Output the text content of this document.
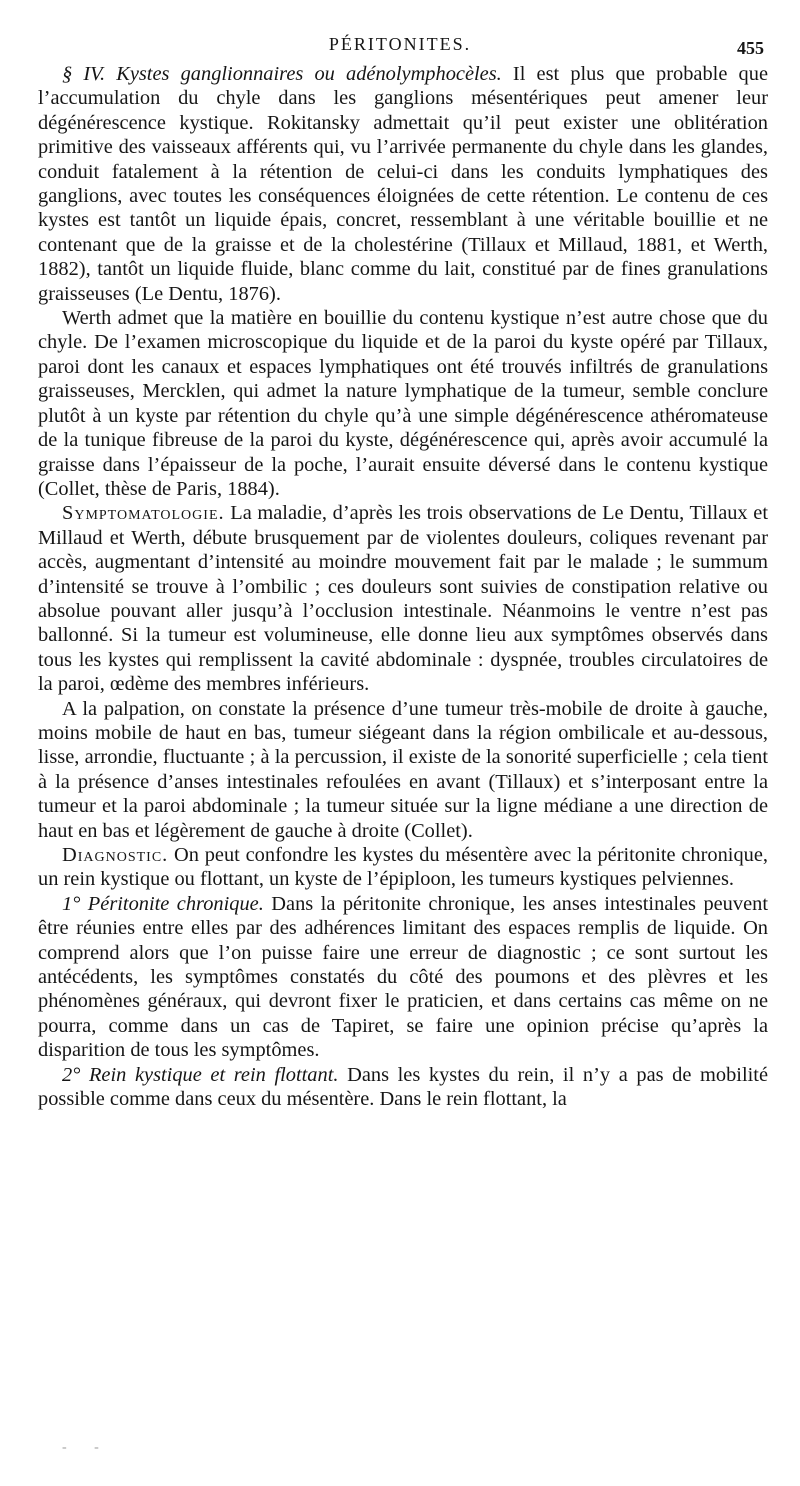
PÉRITONITES.	455

§ IV. Kystes ganglionnaires ou adénolymphocèles. Il est plus que probable que l’accumulation du chyle dans les ganglions mésentériques peut amener leur dégénérescence kystique. Rokitansky admettait qu’il peut exister une oblitération primitive des vaisseaux afférents qui, vu l’arrivée permanente du chyle dans les glandes, conduit fatalement à la rétention de celui-ci dans les conduits lymphatiques des ganglions, avec toutes les conséquences éloignées de cette rétention. Le contenu de ces kystes est tantôt un liquide épais, concret, ressemblant à une véritable bouillie et ne contenant que de la graisse et de la cholestérine (Tillaux et Millaud, 1881, et Werth, 1882), tantôt un liquide fluide, blanc comme du lait, constitué par de fines granulations graisseuses (Le Dentu, 1876).

Werth admet que la matière en bouillie du contenu kystique n’est autre chose que du chyle. De l’examen microscopique du liquide et de la paroi du kyste opéré par Tillaux, paroi dont les canaux et espaces lymphatiques ont été trouvés infiltrés de granulations graisseuses, Mercklen, qui admet la nature lymphatique de la tumeur, semble conclure plutôt à un kyste par rétention du chyle qu’à une simple dégénérescence athéromateuse de la tunique fibreuse de la paroi du kyste, dégénérescence qui, après avoir accumulé la graisse dans l’épaisseur de la poche, l’aurait ensuite déversé dans le contenu kystique (Collet, thèse de Paris, 1884).

Symptomatologie. La maladie, d’après les trois observations de Le Dentu, Tillaux et Millaud et Werth, débute brusquement par de violentes douleurs, coliques revenant par accès, augmentant d’intensité au moindre mouvement fait par le malade ; le summum d’intensité se trouve à l’ombilic ; ces douleurs sont suivies de constipation relative ou absolue pouvant aller jusqu’à l’occlusion intestinale. Néanmoins le ventre n’est pas ballonné. Si la tumeur est volumineuse, elle donne lieu aux symptômes observés dans tous les kystes qui remplissent la cavité abdominale : dyspnée, troubles circulatoires de la paroi, œdème des membres inférieurs.

A la palpation, on constate la présence d’une tumeur très-mobile de droite à gauche, moins mobile de haut en bas, tumeur siégeant dans la région ombilicale et au-dessous, lisse, arrondie, fluctuante ; à la percussion, il existe de la sonorité superficielle ; cela tient à la présence d’anses intestinales refoulées en avant (Tillaux) et s’interposant entre la tumeur et la paroi abdominale ; la tumeur située sur la ligne médiane a une direction de haut en bas et légèrement de gauche à droite (Collet).

Diagnostic. On peut confondre les kystes du mésentère avec la péritonite chronique, un rein kystique ou flottant, un kyste de l’épiploon, les tumeurs kystiques pelviennes.

1° Péritonite chronique. Dans la péritonite chronique, les anses intestinales peuvent être réunies entre elles par des adhérences limitant des espaces remplis de liquide. On comprend alors que l’on puisse faire une erreur de diagnostic ; ce sont surtout les antécédents, les symptômes constatés du côté des poumons et des plèvres et les phénomènes généraux, qui devront fixer le praticien, et dans certains cas même on ne pourra, comme dans un cas de Tapiret, se faire une opinion précise qu’après la disparition de tous les symptômes.

2° Rein kystique et rein flottant. Dans les kystes du rein, il n’y a pas de mobilité possible comme dans ceux du mésentère. Dans le rein flottant, la

- -
